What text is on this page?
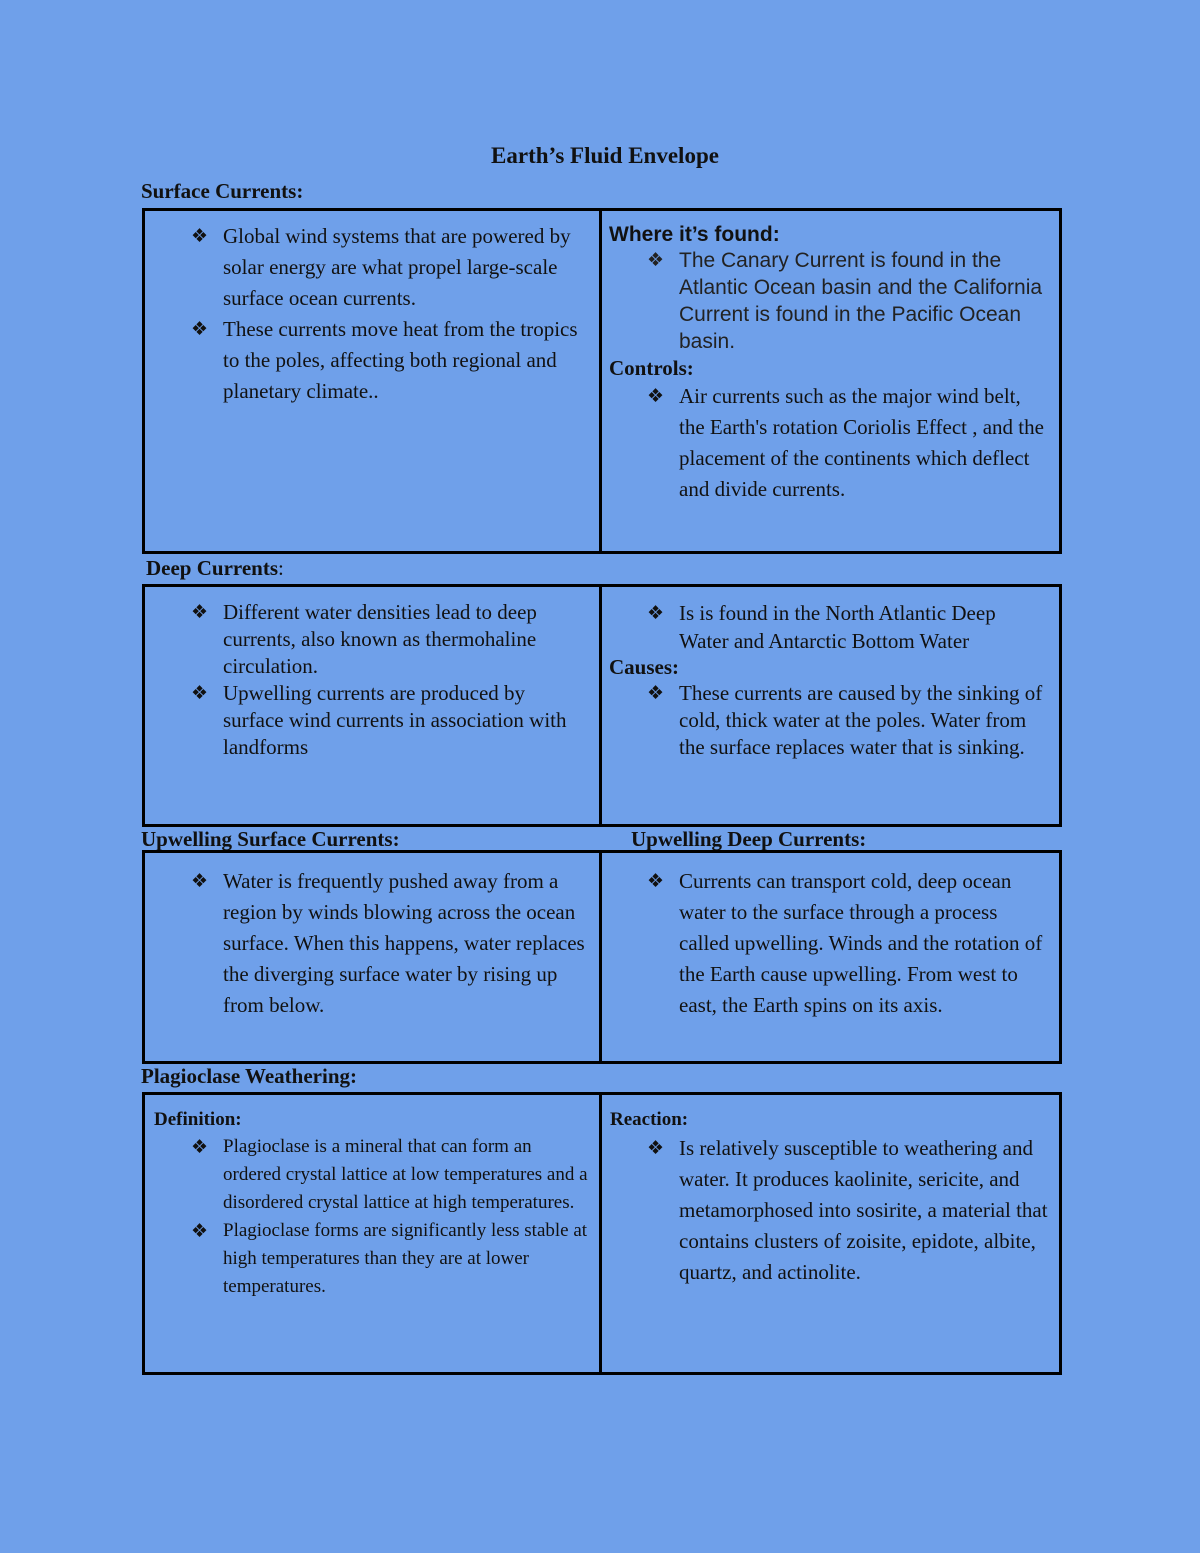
Earth’s Fluid Envelope
Surface Currents:
❖ Global wind systems that are powered by solar energy are what propel large-scale surface ocean currents.
❖ These currents move heat from the tropics to the poles, affecting both regional and planetary climate..
Where it’s found:
❖ The Canary Current is found in the Atlantic Ocean basin and the California Current is found in the Pacific Ocean basin.
Controls:
❖ Air currents such as the major wind belt, the Earth's rotation Coriolis Effect , and the placement of the continents which deflect and divide currents.
Deep Currents:
❖ Different water densities lead to deep currents, also known as thermohaline circulation.
❖ Upwelling currents are produced by surface wind currents in association with landforms
❖ Is is found in the North Atlantic Deep Water and Antarctic Bottom Water
Causes:
❖ These currents are caused by the sinking of cold, thick water at the poles. Water from the surface replaces water that is sinking.
Upwelling Surface Currents:	Upwelling Deep Currents:
❖ Water is frequently pushed away from a region by winds blowing across the ocean surface. When this happens, water replaces the diverging surface water by rising up from below.
❖ Currents can transport cold, deep ocean water to the surface through a process called upwelling. Winds and the rotation of the Earth cause upwelling. From west to east, the Earth spins on its axis.
Plagioclase Weathering:
Definition:
❖ Plagioclase is a mineral that can form an ordered crystal lattice at low temperatures and a disordered crystal lattice at high temperatures.
❖ Plagioclase forms are significantly less stable at high temperatures than they are at lower temperatures.
Reaction:
❖ Is relatively susceptible to weathering and water. It produces kaolinite, sericite, and metamorphosed into sosirite, a material that contains clusters of zoisite, epidote, albite, quartz, and actinolite.
